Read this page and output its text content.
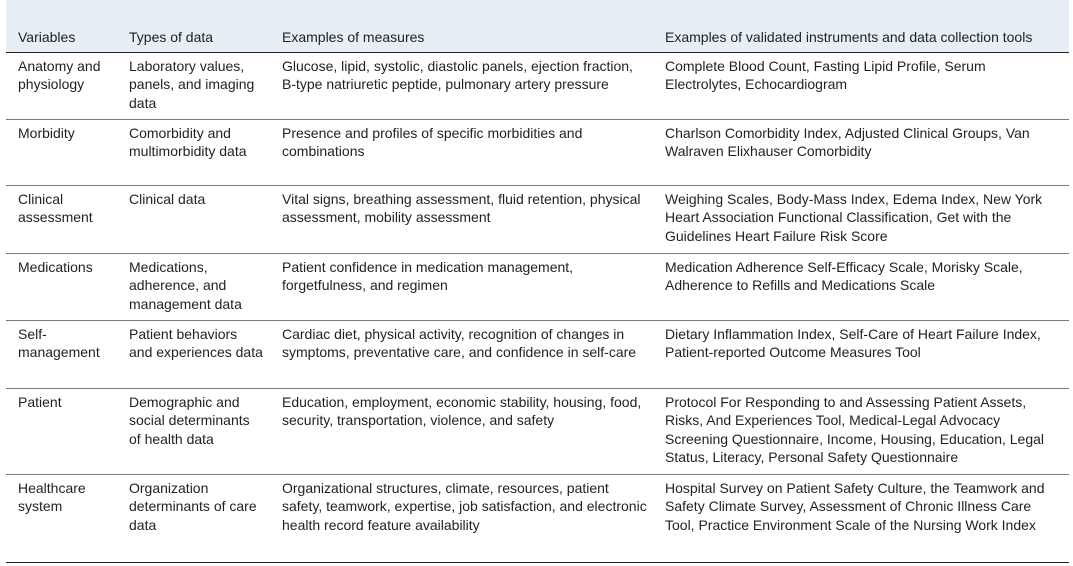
Variables	Types of data	Examples of measures	Examples of validated instruments and data collection tools
Anatomy and physiology	Laboratory values, panels, and imaging data	Glucose, lipid, systolic, diastolic panels, ejection fraction, B-type natriuretic peptide, pulmonary artery pressure	Complete Blood Count, Fasting Lipid Profile, Serum Electrolytes, Echocardiogram
Morbidity	Comorbidity and multimorbidity data	Presence and profiles of specific morbidities and combinations	Charlson Comorbidity Index, Adjusted Clinical Groups, Van Walraven Elixhauser Comorbidity
Clinical assessment	Clinical data	Vital signs, breathing assessment, fluid retention, physical assessment, mobility assessment	Weighing Scales, Body-Mass Index, Edema Index, New York Heart Association Functional Classification, Get with the Guidelines Heart Failure Risk Score
Medications	Medications, adherence, and management data	Patient confidence in medication management, forgetfulness, and regimen	Medication Adherence Self-Efficacy Scale, Morisky Scale, Adherence to Refills and Medications Scale
Self-management	Patient behaviors and experiences data	Cardiac diet, physical activity, recognition of changes in symptoms, preventative care, and confidence in self-care	Dietary Inflammation Index, Self-Care of Heart Failure Index, Patient-reported Outcome Measures Tool
Patient	Demographic and social determinants of health data	Education, employment, economic stability, housing, food, security, transportation, violence, and safety	Protocol For Responding to and Assessing Patient Assets, Risks, And Experiences Tool, Medical-Legal Advocacy Screening Questionnaire, Income, Housing, Education, Legal Status, Literacy, Personal Safety Questionnaire
Healthcare system	Organization determinants of care data	Organizational structures, climate, resources, patient safety, teamwork, expertise, job satisfaction, and electronic health record feature availability	Hospital Survey on Patient Safety Culture, the Teamwork and Safety Climate Survey, Assessment of Chronic Illness Care Tool, Practice Environment Scale of the Nursing Work Index
